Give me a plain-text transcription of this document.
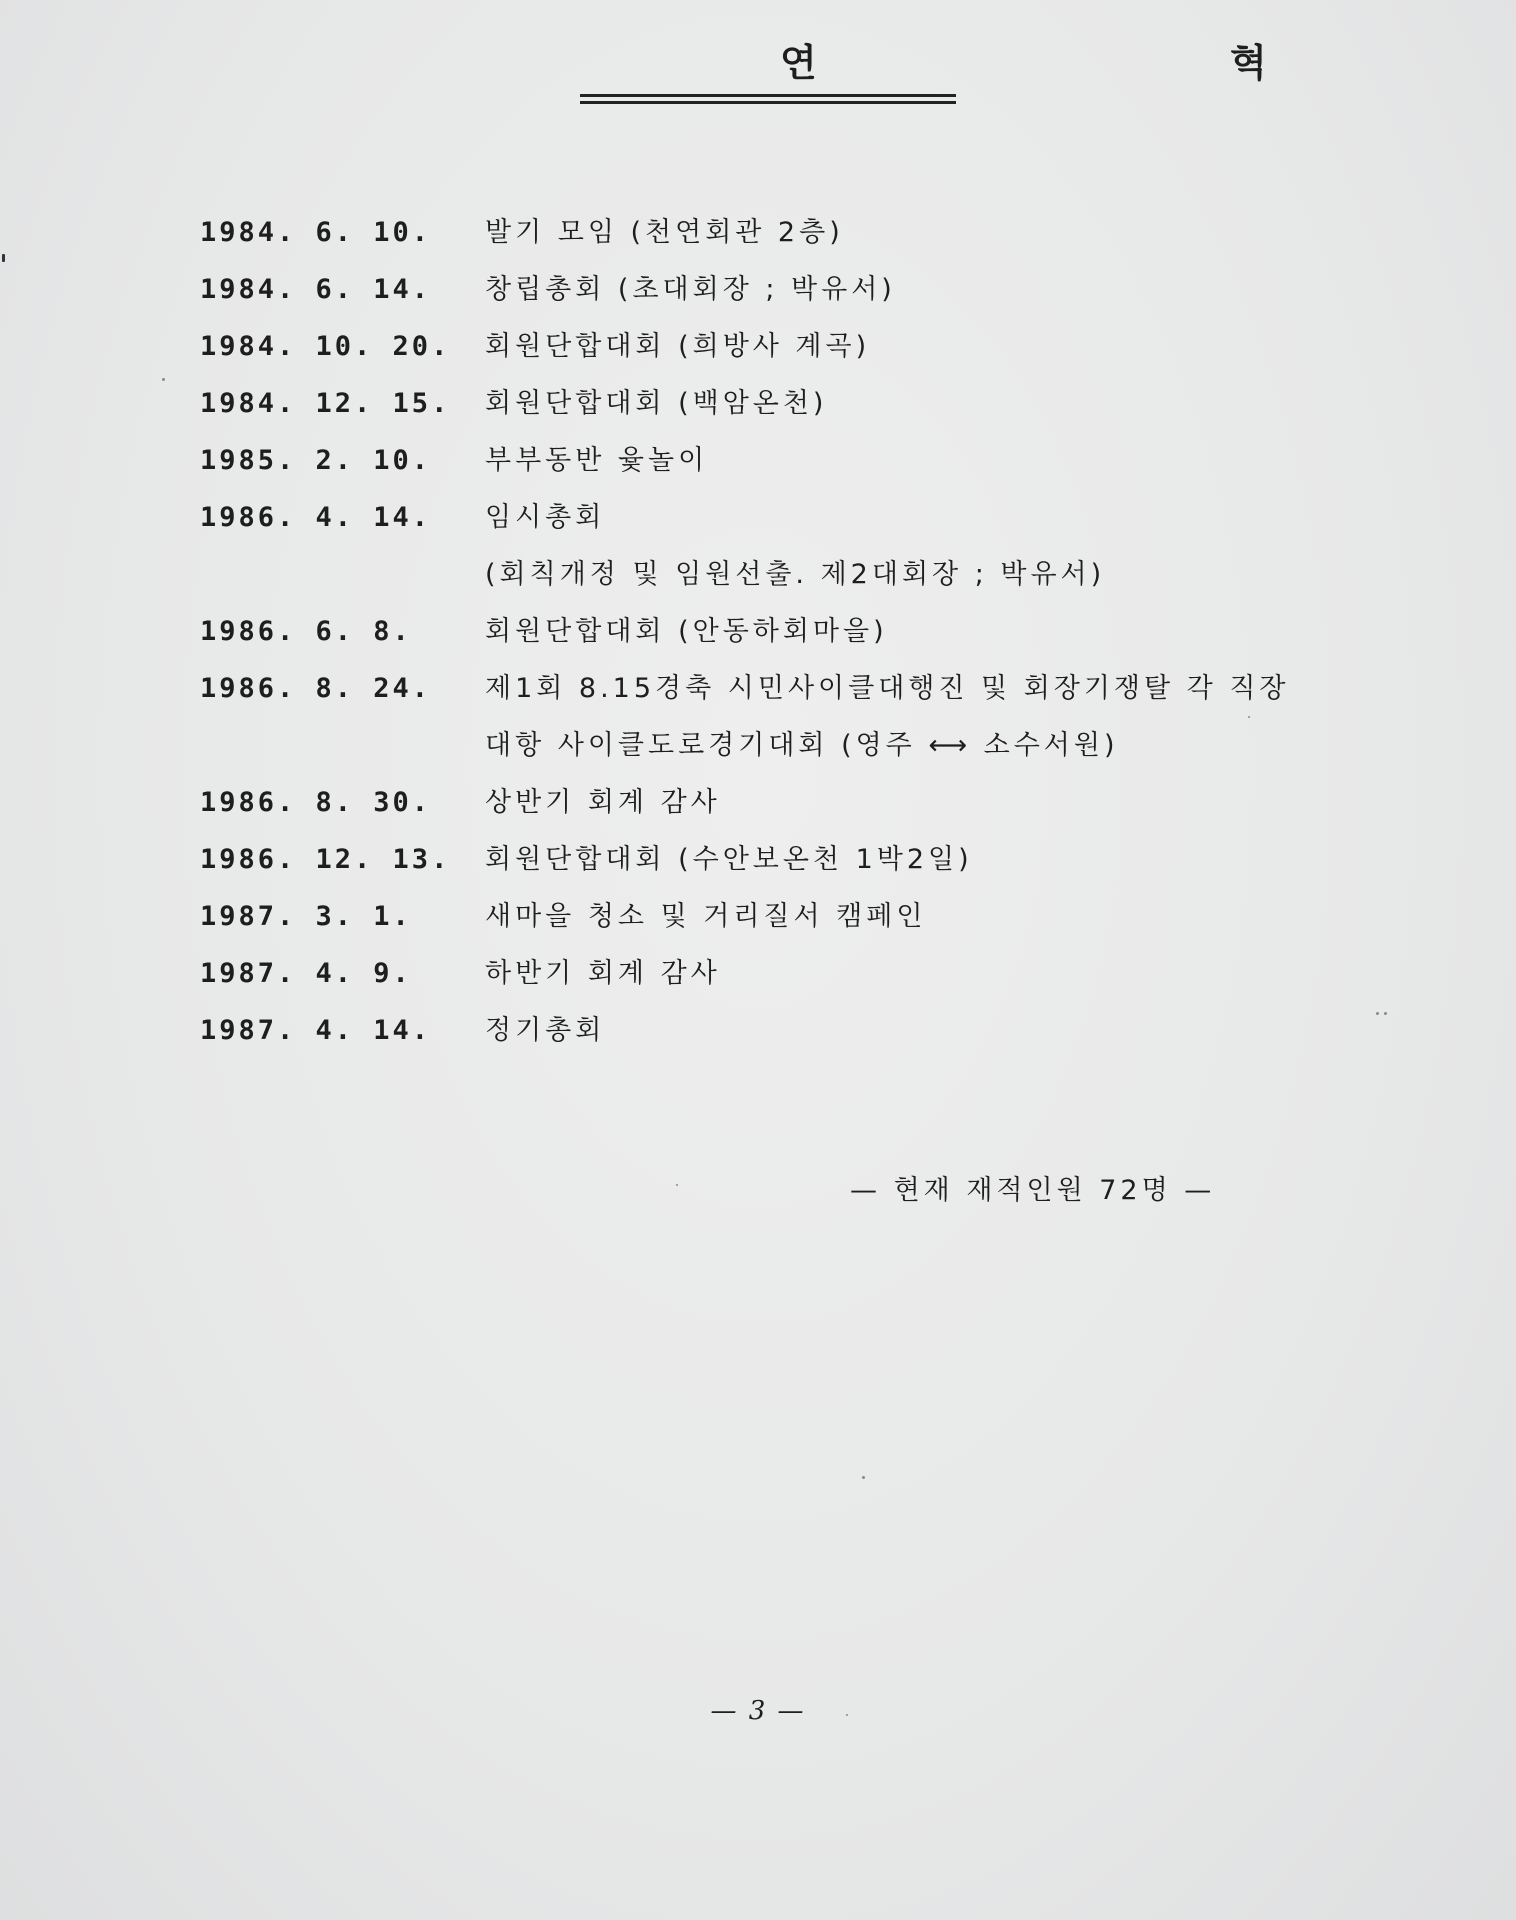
연 혁
1984. 6. 10.	발기 모임 (천연회관 2층)
1984. 6. 14.	창립총회 (초대회장 ; 박유서)
1984. 10. 20.	회원단합대회 (희방사 계곡)
1984. 12. 15.	회원단합대회 (백암온천)
1985. 2. 10.	부부동반 윷놀이
1986. 4. 14.	임시총회
(회칙개정 및 임원선출. 제2대회장 ; 박유서)
1986. 6. 8.	회원단합대회 (안동하회마을)
1986. 8. 24.	제1회 8.15경축 시민사이클대행진 및 회장기쟁탈 각 직장
대항 사이클도로경기대회 (영주 ⟷ 소수서원)
1986. 8. 30.	상반기 회계 감사
1986. 12. 13.	회원단합대회 (수안보온천 1박2일)
1987. 3. 1.	새마을 청소 및 거리질서 캠페인
1987. 4. 9.	하반기 회계 감사
1987. 4. 14.	정기총회
— 현재 재적인원 72명 —
— 3 —
